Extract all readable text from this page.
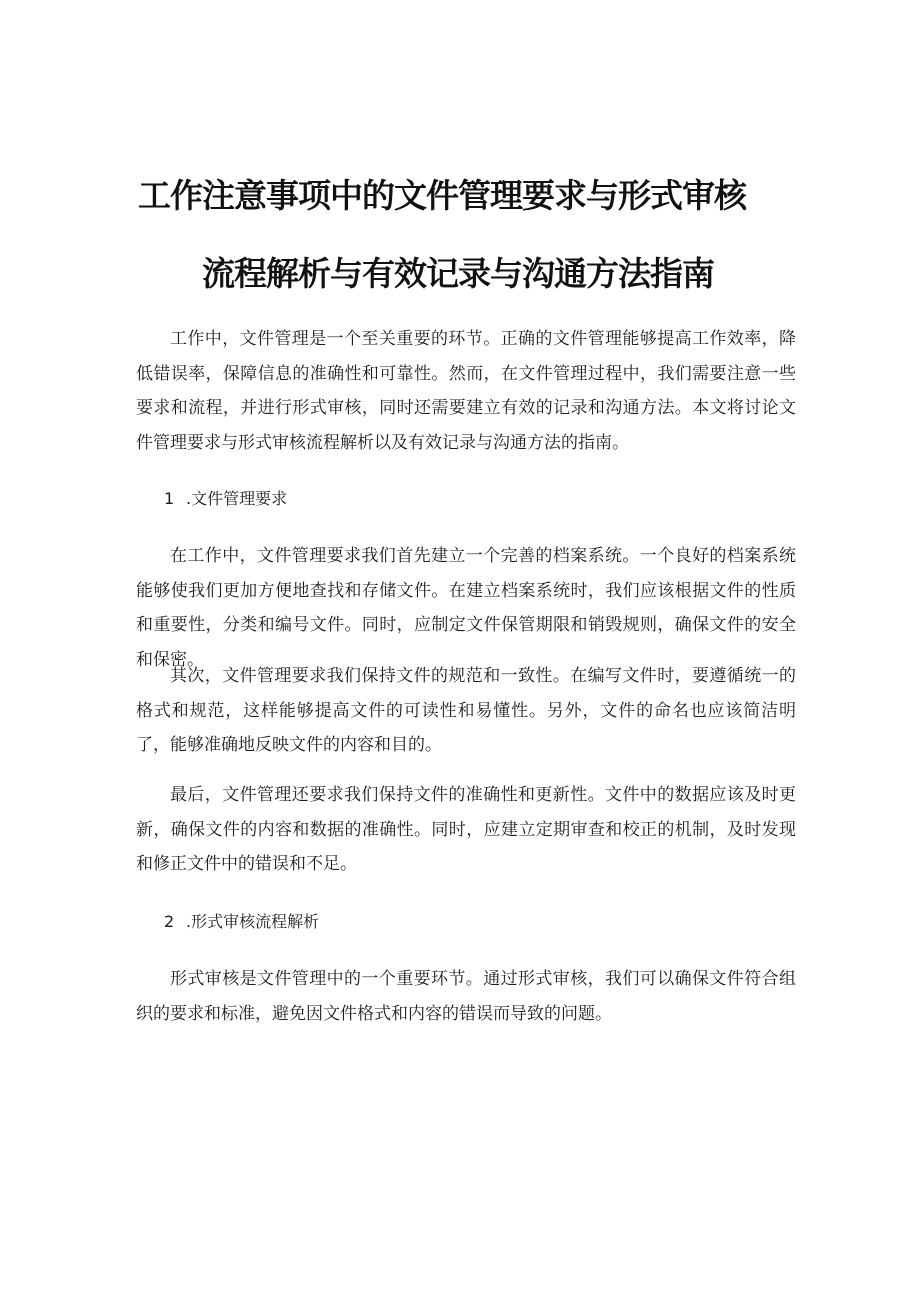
工作注意事项中的文件管理要求与形式审核
流程解析与有效记录与沟通方法指南

工作中，文件管理是一个至关重要的环节。正确的文件管理能够提高工作效率，降低错误率，保障信息的准确性和可靠性。然而，在文件管理过程中，我们需要注意一些要求和流程，并进行形式审核，同时还需要建立有效的记录和沟通方法。本文将讨论文件管理要求与形式审核流程解析以及有效记录与沟通方法的指南。

1 .文件管理要求

在工作中，文件管理要求我们首先建立一个完善的档案系统。一个良好的档案系统能够使我们更加方便地查找和存储文件。在建立档案系统时，我们应该根据文件的性质和重要性，分类和编号文件。同时，应制定文件保管期限和销毁规则，确保文件的安全和保密。

其次，文件管理要求我们保持文件的规范和一致性。在编写文件时，要遵循统一的格式和规范，这样能够提高文件的可读性和易懂性。另外，文件的命名也应该简洁明了，能够准确地反映文件的内容和目的。

最后，文件管理还要求我们保持文件的准确性和更新性。文件中的数据应该及时更新，确保文件的内容和数据的准确性。同时，应建立定期审查和校正的机制，及时发现和修正文件中的错误和不足。

2 .形式审核流程解析

形式审核是文件管理中的一个重要环节。通过形式审核，我们可以确保文件符合组织的要求和标准，避免因文件格式和内容的错误而导致的问题。
